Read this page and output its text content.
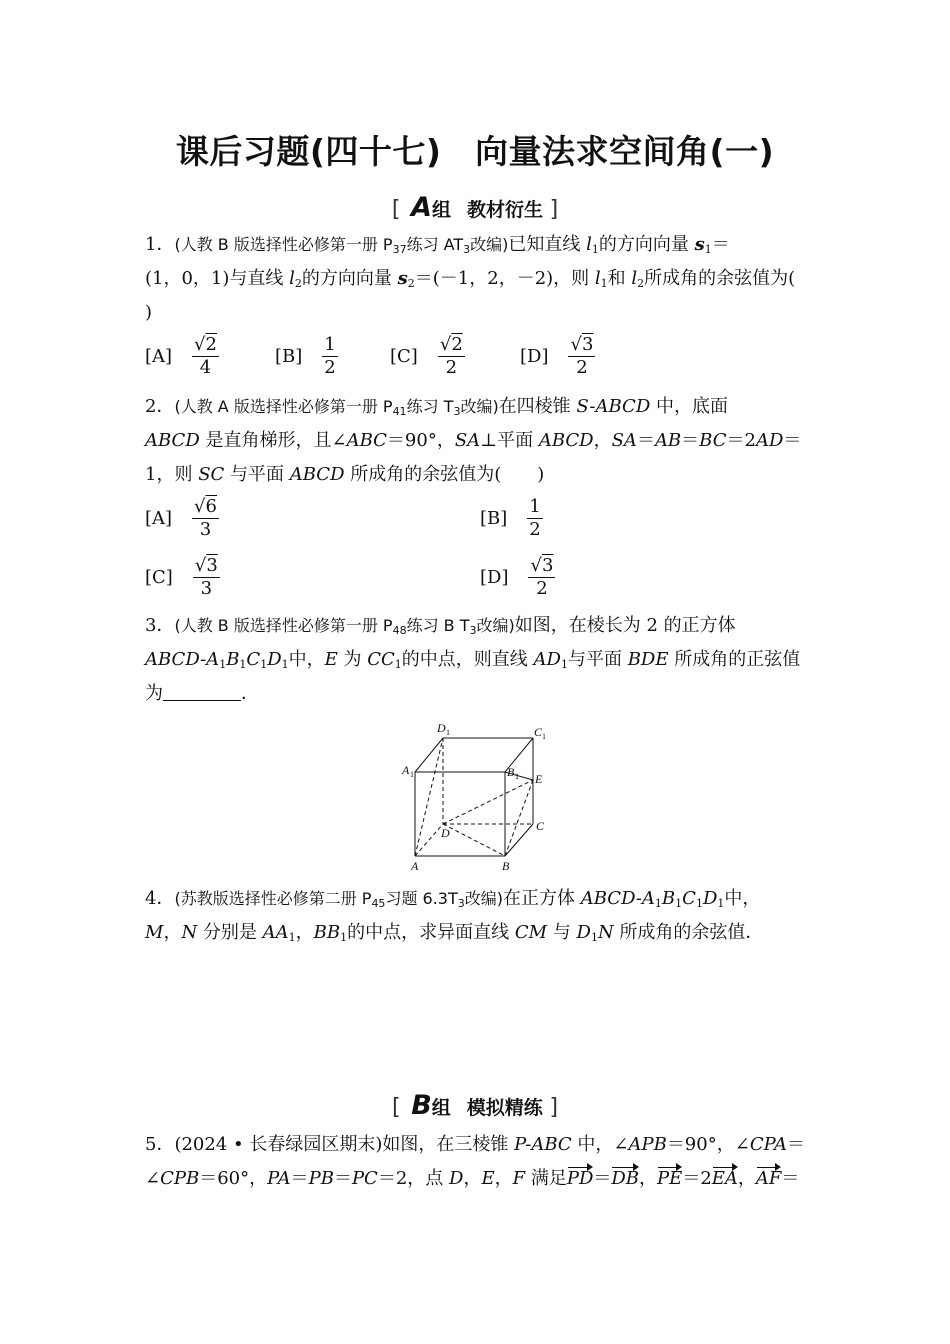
课后习题(四十七)　向量法求空间角(一)
[ A组 教材衍生 ]
1．(人教 B 版选择性必修第一册 $P_{37}$练习 $AT_3$改编)已知直线 $l_1$的方向向量 $s_1=$
(1，0，1)与直线 $l_2$的方向向量 $s_2=(-1$，2，－2)，则 $l_1$和 $l_2$所成角的余弦值为(
)
$[A] \frac{√2}{4}$	$[B] \frac{1}{2}$	$[C] \frac{√2}{2}$	$[D] \frac{√3}{2}$
2．(人教 A 版选择性必修第一册 $P_{41}$练习 $T_3$改编)在四棱锥 S-ABCD 中，底面
ABCD 是直角梯形，且∠ABC＝90°，SA⊥平面 ABCD，SA＝AB＝BC＝2AD＝
1，则 SC 与平面 ABCD 所成角的余弦值为(　　)
$[A] \frac{√6}{3}$	$[B] \frac{1}{2}$
$[C] \frac{√3}{3}$	$[D] \frac{√3}{2}$
3．(人教 B 版选择性必修第一册 $P_{48}$练习 B $T_3$改编)如图，在棱长为 2 的正方体
ABCD-$A_1B_1C_1D_1$中，E 为 $CC_1$的中点，则直线 $AD_1$与平面 BDE 所成角的正弦值
为	．
D 1	C 1
A 1	B 1 E
D	C
A	B
4．(苏教版选择性必修第二册 $P_{45}$习题 $6.3T_3$改编)在正方体 ABCD-$A_1B_1C_1D_1$中，
M，N 分别是 $AA_1$，$BB_1$的中点，求异面直线 CM 与 $D_1N$ 所成角的余弦值．
[ B组 模拟精练 ]
5．(2024 • 长春绿园区期末)如图，在三棱锥 P-ABC 中，∠APB＝90°，∠CPA＝
∠CPB＝60°，PA＝PB＝PC＝2，点 D，E，F 满足PD＝DB，PE＝2EA，AF＝
